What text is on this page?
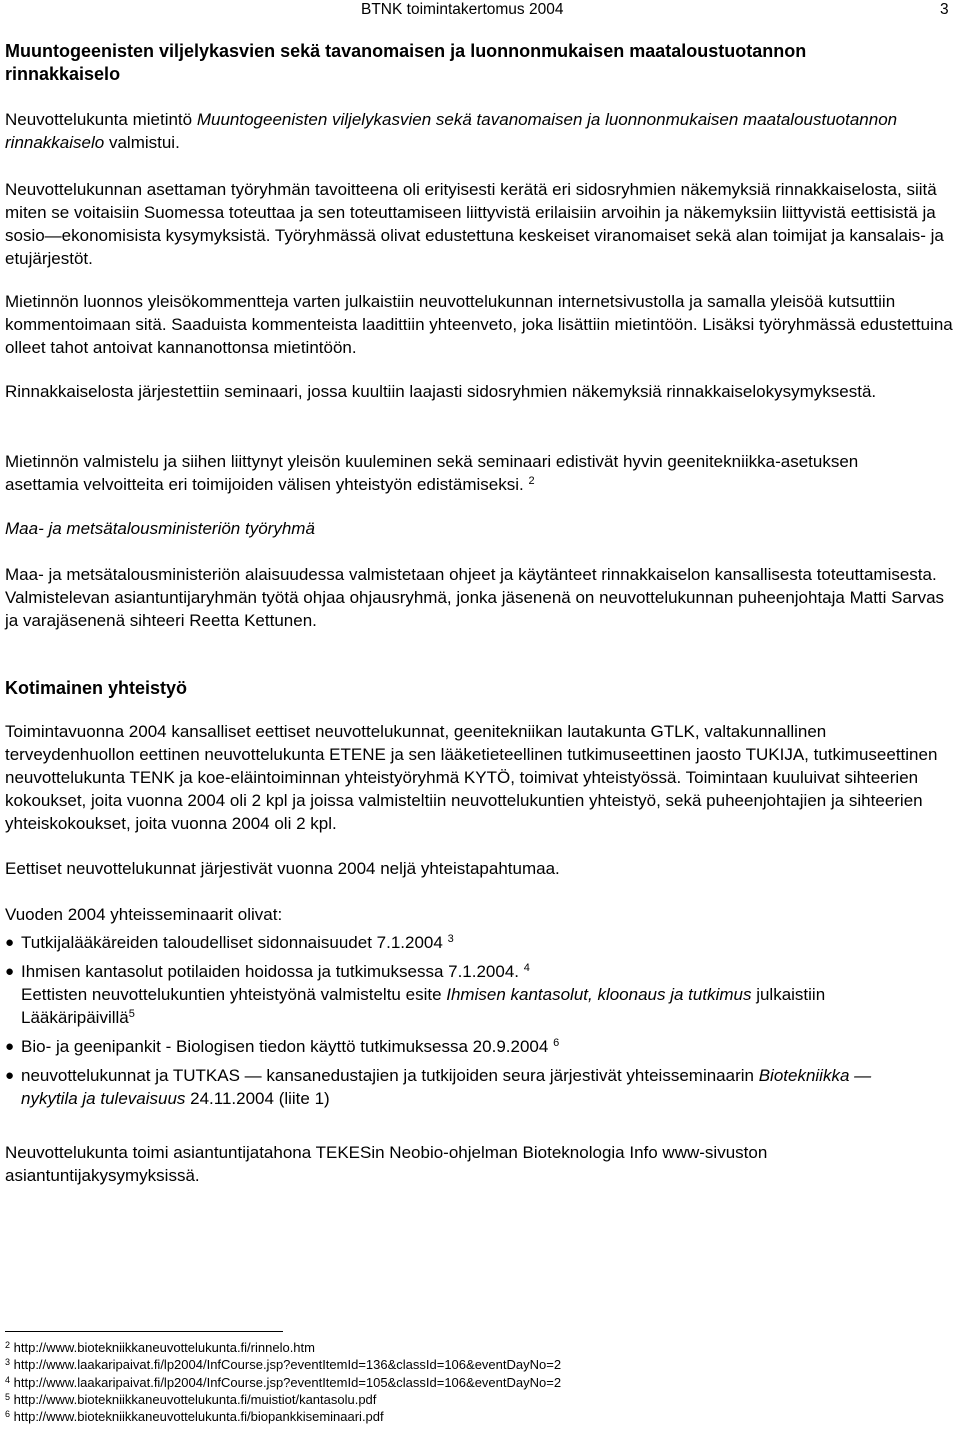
BTNK toimintakertomus 2004	3
Muuntogeenisten viljelykasvien sekä tavanomaisen ja luonnonmukaisen maataloustuotannon rinnakkaiselo

Neuvottelukunta mietintö Muuntogeenisten viljelykasvien sekä tavanomaisen ja luonnonmukaisen maataloustuotannon rinnakkaiselo valmistui.

Neuvottelukunnan asettaman työryhmän tavoitteena oli erityisesti kerätä eri sidosryhmien näkemyksiä rinnakkaiselosta, siitä miten se voitaisiin Suomessa toteuttaa ja sen toteuttamiseen liittyvistä erilaisiin arvoihin ja näkemyksiin liittyvistä eettisistä ja sosio—ekonomisista kysymyksistä. Työryhmässä olivat edustettuna keskeiset viranomaiset sekä alan toimijat ja kansalais- ja etujärjestöt.

Mietinnön luonnos yleisökommentteja varten julkaistiin neuvottelukunnan internetsivustolla ja samalla yleisöä kutsuttiin kommentoimaan sitä. Saaduista kommenteista laadittiin yhteenveto, joka lisättiin mietintöön. Lisäksi työryhmässä edustettuina olleet tahot antoivat kannanottonsa mietintöön.

Rinnakkaiselosta järjestettiin seminaari, jossa kuultiin laajasti sidosryhmien näkemyksiä rinnakkaiselokysymyksestä.

Mietinnön valmistelu ja siihen liittynyt yleisön kuuleminen sekä seminaari edistivät hyvin geenitekniikka-asetuksen asettamia velvoitteita eri toimijoiden välisen yhteistyön edistämiseksi. $^2$

Maa- ja metsätalousministeriön työryhmä

Maa- ja metsätalousministeriön alaisuudessa valmistetaan ohjeet ja käytänteet rinnakkaiselon kansallisesta toteuttamisesta. Valmistelevan asiantuntijaryhmän työtä ohjaa ohjausryhmä, jonka jäsenenä on neuvottelukunnan puheenjohtaja Matti Sarvas ja varajäsenenä sihteeri Reetta Kettunen.

Kotimainen yhteistyö

Toimintavuonna 2004 kansalliset eettiset neuvottelukunnat, geenitekniikan lautakunta GTLK, valtakunnallinen terveydenhuollon eettinen neuvottelukunta ETENE ja sen lääketieteellinen tutkimuseettinen jaosto TUKIJA, tutkimuseettinen neuvottelukunta TENK ja koe-eläintoiminnan yhteistyöryhmä KYTÖ, toimivat yhteistyössä. Toimintaan kuuluivat sihteerien kokoukset, joita vuonna 2004 oli 2 kpl ja joissa valmisteltiin neuvottelukuntien yhteistyö, sekä puheenjohtajien ja sihteerien yhteiskokoukset, joita vuonna 2004 oli 2 kpl.

Eettiset neuvottelukunnat järjestivät vuonna 2004 neljä yhteistapahtumaa.

Vuoden 2004 yhteisseminaarit olivat:

● Tutkijalääkäreiden taloudelliset sidonnaisuudet 7.1.2004 $^3$
● Ihmisen kantasolut potilaiden hoidossa ja tutkimuksessa 7.1.2004. $^4$
Eettisten neuvottelukuntien yhteistyönä valmisteltu esite Ihmisen kantasolut, kloonaus ja tutkimus julkaistiin Lääkäripäivillä$^5$
● Bio- ja geenipankit - Biologisen tiedon käyttö tutkimuksessa 20.9.2004 $^6$
● neuvottelukunnat ja TUTKAS — kansanedustajien ja tutkijoiden seura järjestivät yhteisseminaarin Biotekniikka — nykytila ja tulevaisuus 24.11.2004 (liite 1)

Neuvottelukunta toimi asiantuntijatahona TEKESin Neobio-ohjelman Bioteknologia Info www-sivuston asiantuntijakysymyksissä.

$^2$ http://www.biotekniikkaneuvottelukunta.fi/rinnelo.htm
$^3$ http://www.laakaripaivat.fi/lp2004/InfCourse.jsp?eventItemId=136&classId=106&eventDayNo=2
$^4$ http://www.laakaripaivat.fi/lp2004/InfCourse.jsp?eventItemId=105&classId=106&eventDayNo=2
$^5$ http://www.biotekniikkaneuvottelukunta.fi/muistiot/kantasolu.pdf
$^6$ http://www.biotekniikkaneuvottelukunta.fi/biopankkiseminaari.pdf
